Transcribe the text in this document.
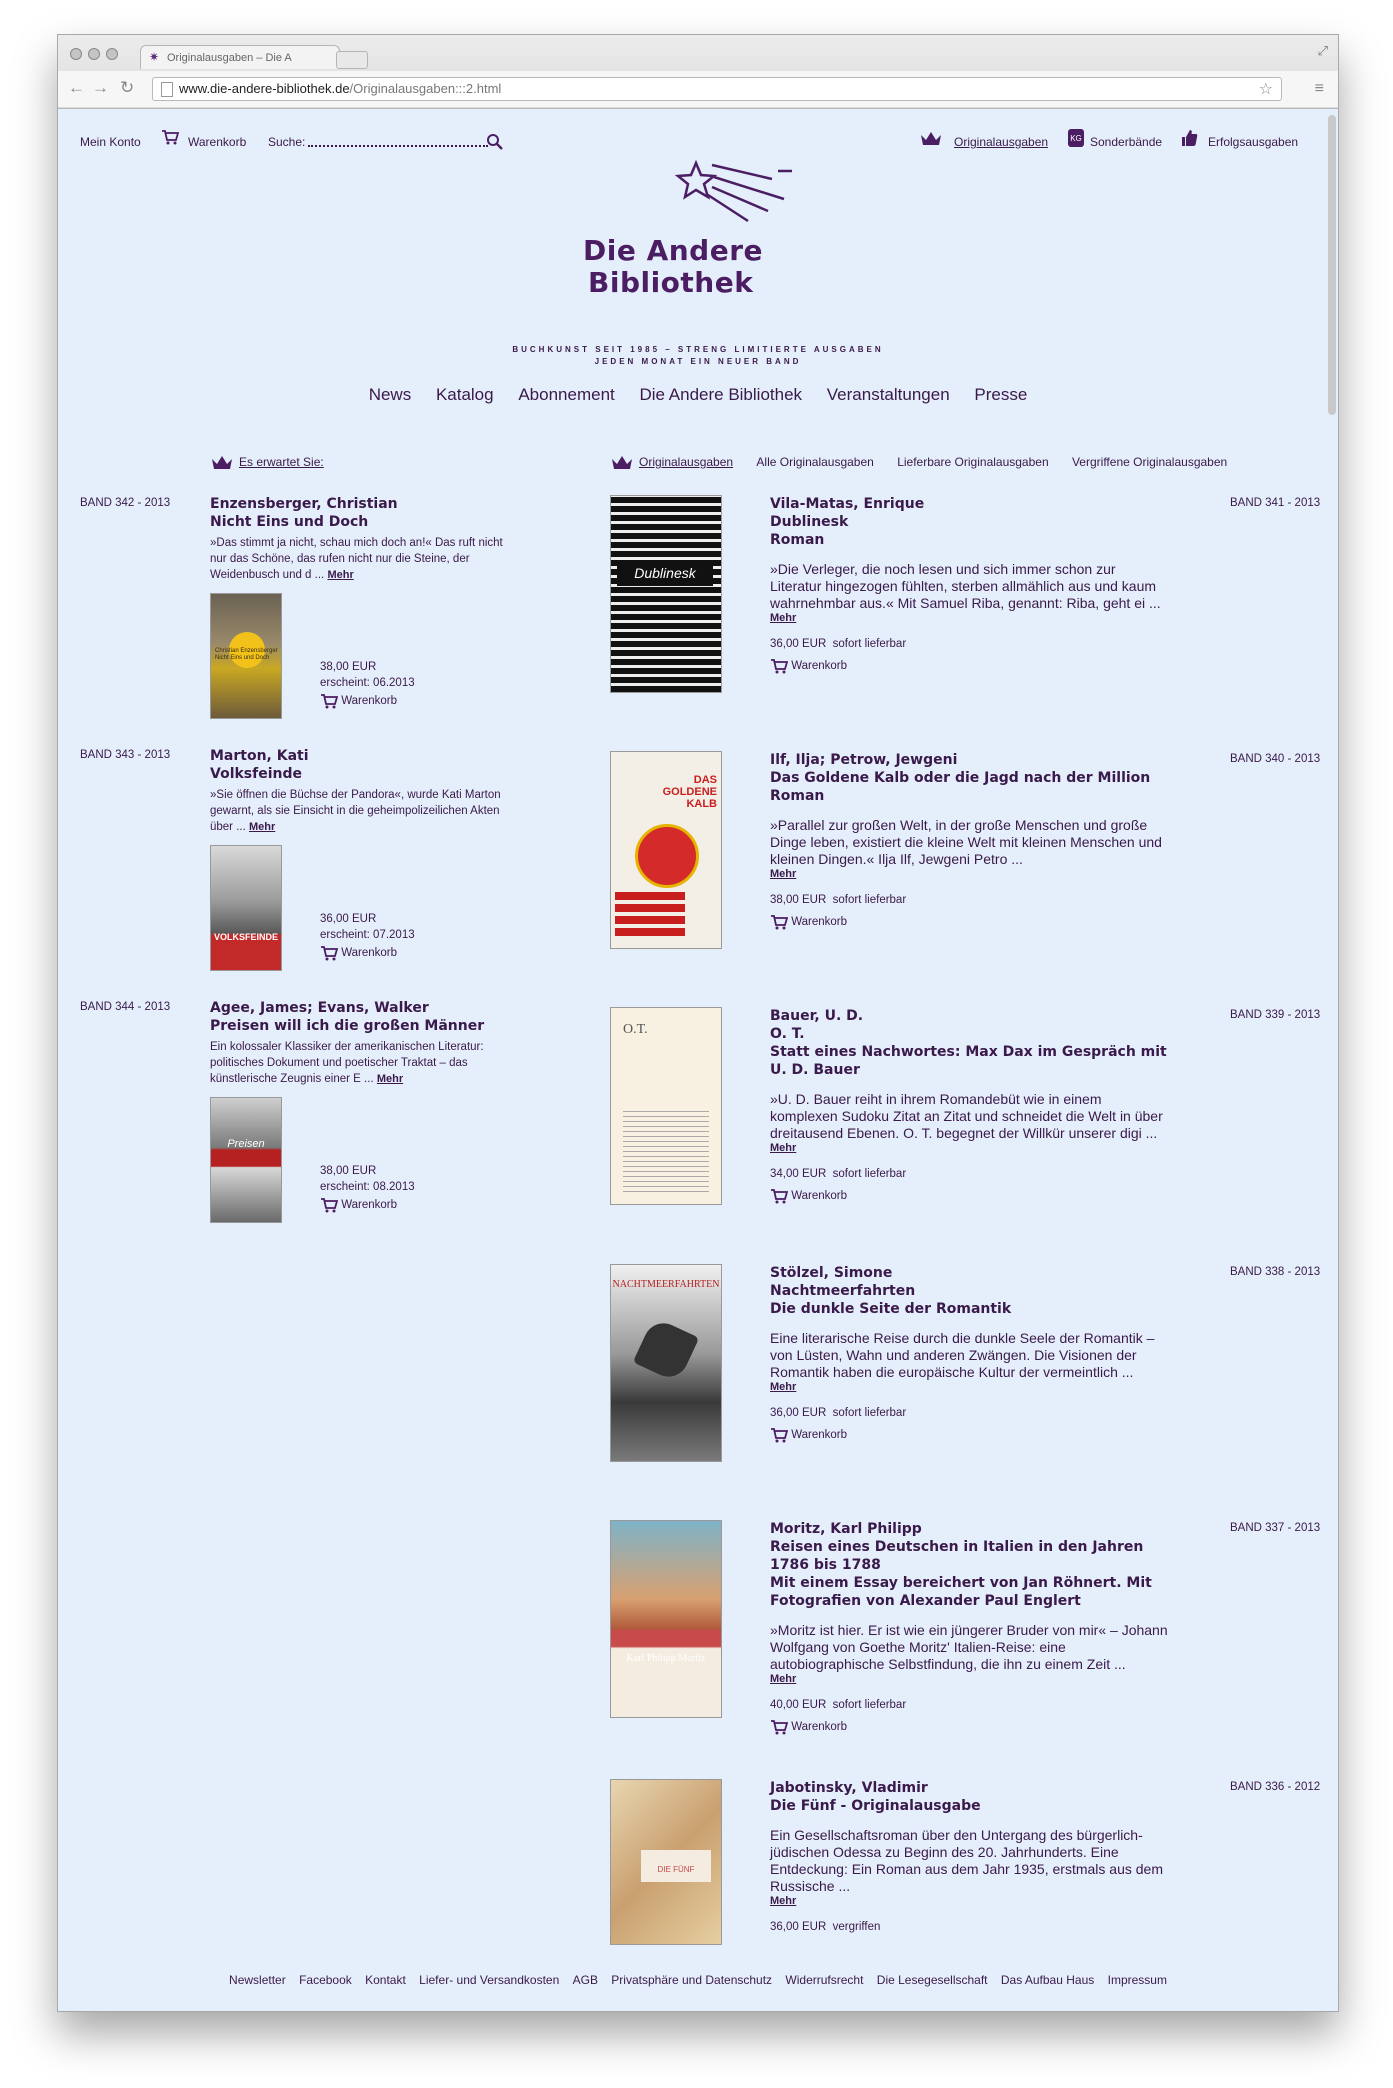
✷ Originalausgaben – Die A	⤢
← → ↻	www.die-andere-bibliothek.de/Originalausgaben:::2.html	☆	≡
Mein Konto	Warenkorb Suche:	Originalausgaben	KG Sonderbände	Erfolgsausgaben
Die Andere
Bibliothek
BUCHKUNST SEIT 1985 – STRENG LIMITIERTE AUSGABEN
JEDEN MONAT EIN NEUER BAND
News Katalog Abonnement Die Andere Bibliothek Veranstaltungen Presse
Es erwartet Sie:	Originalausgaben Alle Originalausgaben Lieferbare Originalausgaben Vergriffene Originalausgaben
BAND 342 - 2013	Enzensberger, Christian
Nicht Eins und Doch
»Das stimmt ja nicht, schau mich doch an!« Das ruft nicht nur das Schöne, das rufen nicht nur die Steine, der Weidenbusch und d ... Mehr
Christian Enzensberger Nicht Eins und Doch
38,00 EUR
erscheint: 06.2013
Warenkorb
BAND 343 - 2013	Marton, Kati
Volksfeinde
»Sie öffnen die Büchse der Pandora«, wurde Kati Marton gewarnt, als sie Einsicht in die geheimpolizeilichen Akten über ... Mehr
VOLKSFEINDE
36,00 EUR
erscheint: 07.2013
Warenkorb
BAND 344 - 2013	Agee, James; Evans, Walker
Preisen will ich die großen Männer
Ein kolossaler Klassiker der amerikanischen Literatur: politisches Dokument und poetischer Traktat – das künstlerische Zeugnis einer E ... Mehr
Preisen
38,00 EUR
erscheint: 08.2013
Warenkorb
Dublinesk
Vila-Matas, Enrique
Dublinesk
Roman
»Die Verleger, die noch lesen und sich immer schon zur Literatur hingezogen fühlten, sterben allmählich aus und kaum wahrnehmbar aus.« Mit Samuel Riba, genannt: Riba, geht ei ...
Mehr
36,00 EUR sofort lieferbar
Warenkorb
BAND 341 - 2013
DAS GOLDENE KALB
Ilf, Ilja; Petrow, Jewgeni
Das Goldene Kalb oder die Jagd nach der Million
Roman
»Parallel zur großen Welt, in der große Menschen und große Dinge leben, existiert die kleine Welt mit kleinen Menschen und kleinen Dingen.« Ilja Ilf, Jewgeni Petro ...
Mehr
38,00 EUR sofort lieferbar
Warenkorb
BAND 340 - 2013
O.T.
Bauer, U. D.
O. T.
Statt eines Nachwortes: Max Dax im Gespräch mit U. D. Bauer
»U. D. Bauer reiht in ihrem Romandebüt wie in einem komplexen Sudoku Zitat an Zitat und schneidet die Welt in über dreitausend Ebenen. O. T. begegnet der Willkür unserer digi ...
Mehr
34,00 EUR sofort lieferbar
Warenkorb
BAND 339 - 2013
NACHTMEERFAHRTEN
Stölzel, Simone
Nachtmeerfahrten
Die dunkle Seite der Romantik
Eine literarische Reise durch die dunkle Seele der Romantik – von Lüsten, Wahn und anderen Zwängen. Die Visionen der Romantik haben die europäische Kultur der vermeintlich ...
Mehr
36,00 EUR sofort lieferbar
Warenkorb
BAND 338 - 2013
Karl Philipp Moritz
Moritz, Karl Philipp
Reisen eines Deutschen in Italien in den Jahren 1786 bis 1788
Mit einem Essay bereichert von Jan Röhnert. Mit Fotografien von Alexander Paul Englert
»Moritz ist hier. Er ist wie ein jüngerer Bruder von mir« – Johann Wolfgang von Goethe Moritz' Italien-Reise: eine autobiographische Selbstfindung, die ihn zu einem Zeit ...
Mehr
40,00 EUR sofort lieferbar
Warenkorb
BAND 337 - 2013
DIE FÜNF
Jabotinsky, Vladimir
Die Fünf - Originalausgabe
Ein Gesellschaftsroman über den Untergang des bürgerlich-jüdischen Odessa zu Beginn des 20. Jahrhunderts. Eine Entdeckung: Ein Roman aus dem Jahr 1935, erstmals aus dem Russische ...
Mehr
36,00 EUR vergriffen
BAND 336 - 2012
Newsletter Facebook Kontakt Liefer- und Versandkosten AGB Privatsphäre und Datenschutz Widerrufsrecht Die Lesegesellschaft Das Aufbau Haus Impressum
